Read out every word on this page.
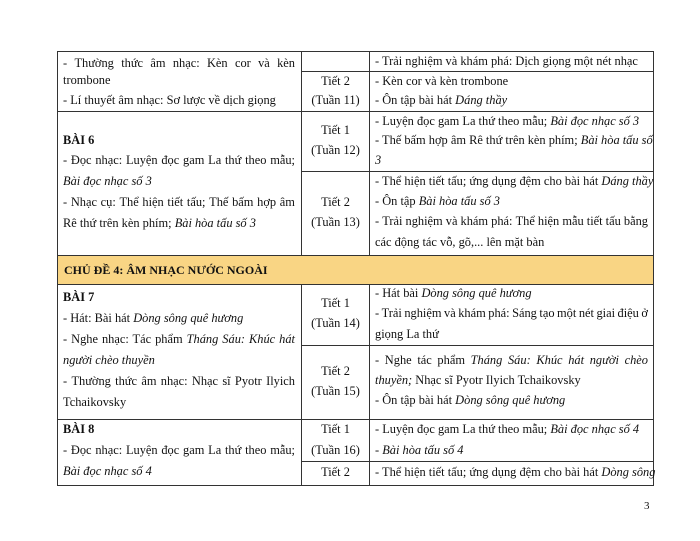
- Thường thức âm nhạc: Kèn cor và kèn
trombone
- Lí thuyết âm nhạc: Sơ lược về dịch giọng
- Trải nghiệm và khám phá: Dịch giọng một nét nhạc
Tiết 2
(Tuần 11)
- Kèn cor và kèn trombone
- Ôn tập bài hát Dáng thầy
BÀI 6
- Đọc nhạc: Luyện đọc gam La thứ theo mẫu;
Bài đọc nhạc số 3
- Nhạc cụ: Thể hiện tiết tấu; Thế bấm hợp âm
Rê thứ trên kèn phím; Bài hòa tấu số 3
Tiết 1
(Tuần 12)
- Luyện đọc gam La thứ theo mẫu; Bài đọc nhạc số 3
- Thế bấm hợp âm Rê thứ trên kèn phím; Bài hòa tấu số
3
Tiết 2
(Tuần 13)
- Thể hiện tiết tấu; ứng dụng đệm cho bài hát Dáng thầy
- Ôn tập Bài hòa tấu số 3
- Trải nghiệm và khám phá: Thể hiện mẫu tiết tấu bằng
các động tác vỗ, gõ,... lên mặt bàn
CHỦ ĐỀ 4: ÂM NHẠC NƯỚC NGOÀI
BÀI 7
- Hát: Bài hát Dòng sông quê hương
- Nghe nhạc: Tác phẩm Tháng Sáu: Khúc hát
người chèo thuyền
- Thường thức âm nhạc: Nhạc sĩ Pyotr Ilyich
Tchaikovsky
Tiết 1
(Tuần 14)
- Hát bài Dòng sông quê hương
- Trải nghiệm và khám phá: Sáng tạo một nét giai điệu ở
giọng La thứ
Tiết 2
(Tuần 15)
- Nghe tác phẩm Tháng Sáu: Khúc hát người chèo
thuyền; Nhạc sĩ Pyotr Ilyich Tchaikovsky
- Ôn tập bài hát Dòng sông quê hương
BÀI 8
- Đọc nhạc: Luyện đọc gam La thứ theo mẫu;
Bài đọc nhạc số 4
Tiết 1
(Tuần 16)
- Luyện đọc gam La thứ theo mẫu; Bài đọc nhạc số 4
- Bài hòa tấu số 4
Tiết 2	- Thể hiện tiết tấu; ứng dụng đệm cho bài hát Dòng sông
3
